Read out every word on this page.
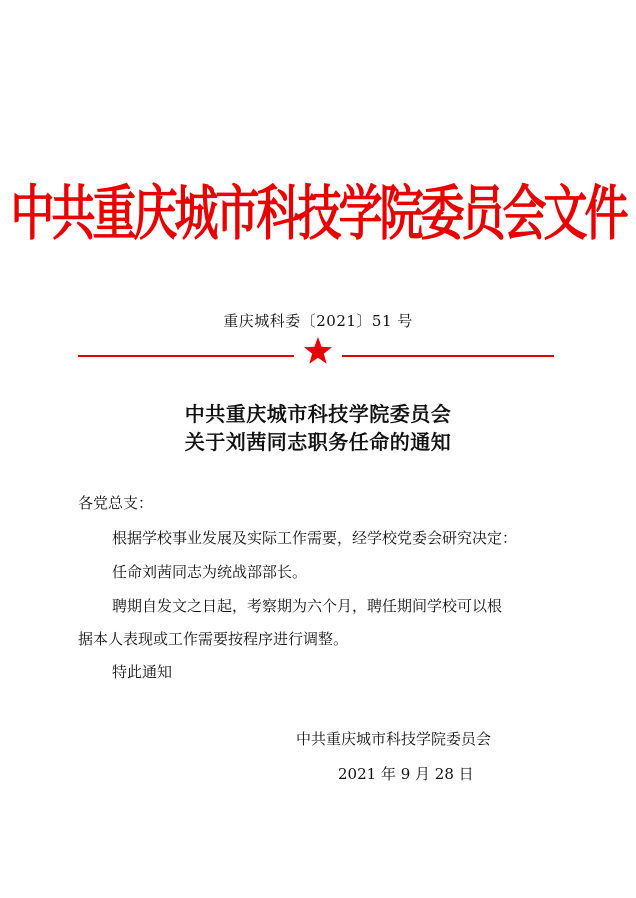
中共重庆城市科技学院委员会文件
重庆城科委〔2021〕51 号
中共重庆城市科技学院委员会
关于刘茜同志职务任命的通知
各党总支：
根据学校事业发展及实际工作需要，经学校党委会研究决定：
任命刘茜同志为统战部部长。
聘期自发文之日起，考察期为六个月，聘任期间学校可以根
据本人表现或工作需要按程序进行调整。
特此通知
中共重庆城市科技学院委员会
2021 年 9 月 28 日
